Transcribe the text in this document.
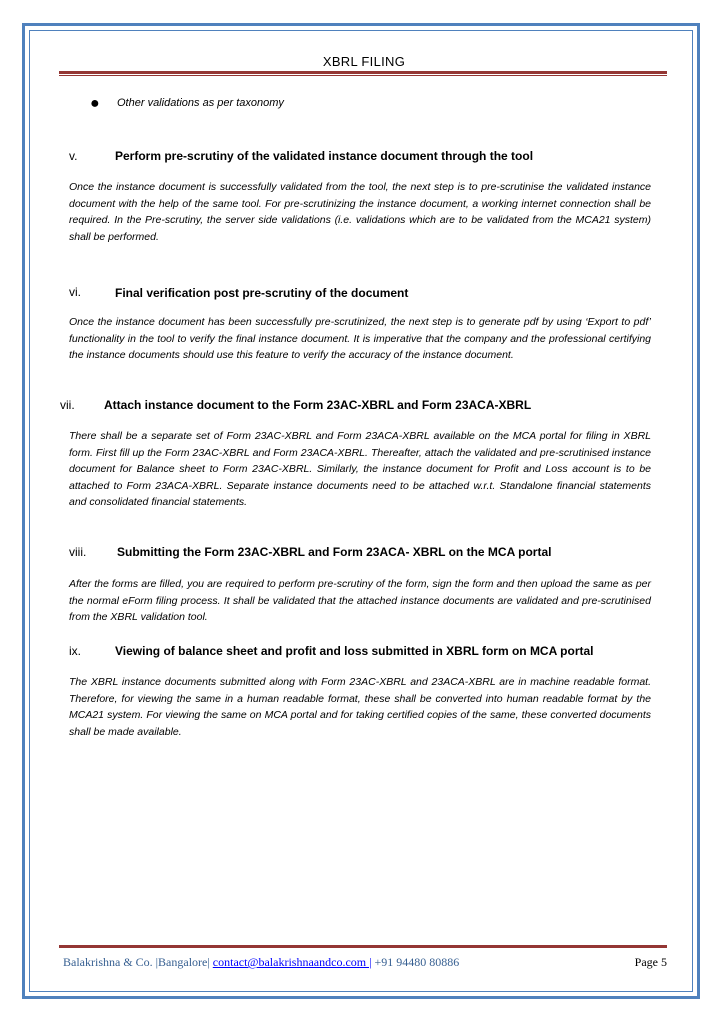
XBRL FILING
● Other validations as per taxonomy
v.	Perform pre-scrutiny of the validated instance document through the tool
Once the instance document is successfully validated from the tool, the next step is to pre-scrutinise the validated instance document with the help of the same tool. For pre-scrutinizing the instance document, a working internet connection shall be required. In the Pre-scrutiny, the server side validations (i.e. validations which are to be validated from the MCA21 system) shall be performed.
vi.	Final verification post pre-scrutiny of the document
Once the instance document has been successfully pre-scrutinized, the next step is to generate pdf by using ‘Export to pdf’ functionality in the tool to verify the final instance document. It is imperative that the company and the professional certifying the instance documents should use this feature to verify the accuracy of the instance document.
vii. Attach instance document to the Form 23AC-XBRL and Form 23ACA-XBRL
There shall be a separate set of Form 23AC-XBRL and Form 23ACA-XBRL available on the MCA portal for filing in XBRL form. First fill up the Form 23AC-XBRL and Form 23ACA-XBRL. Thereafter, attach the validated and pre-scrutinised instance document for Balance sheet to Form 23AC-XBRL. Similarly, the instance document for Profit and Loss account is to be attached to Form 23ACA-XBRL. Separate instance documents need to be attached w.r.t. Standalone financial statements and consolidated financial statements.
viii.	Submitting the Form 23AC-XBRL and Form 23ACA- XBRL on the MCA portal
After the forms are filled, you are required to perform pre-scrutiny of the form, sign the form and then upload the same as per the normal eForm filing process. It shall be validated that the attached instance documents are validated and pre-scrutinised from the XBRL validation tool.
ix.	Viewing of balance sheet and profit and loss submitted in XBRL form on MCA portal
The XBRL instance documents submitted along with Form 23AC-XBRL and 23ACA-XBRL are in machine readable format. Therefore, for viewing the same in a human readable format, these shall be converted into human readable format by the MCA21 system. For viewing the same on MCA portal and for taking certified copies of the same, these converted documents shall be made available.
Balakrishna & Co. |Bangalore| contact@balakrishnaandco.com | +91 94480 80886	Page 5
